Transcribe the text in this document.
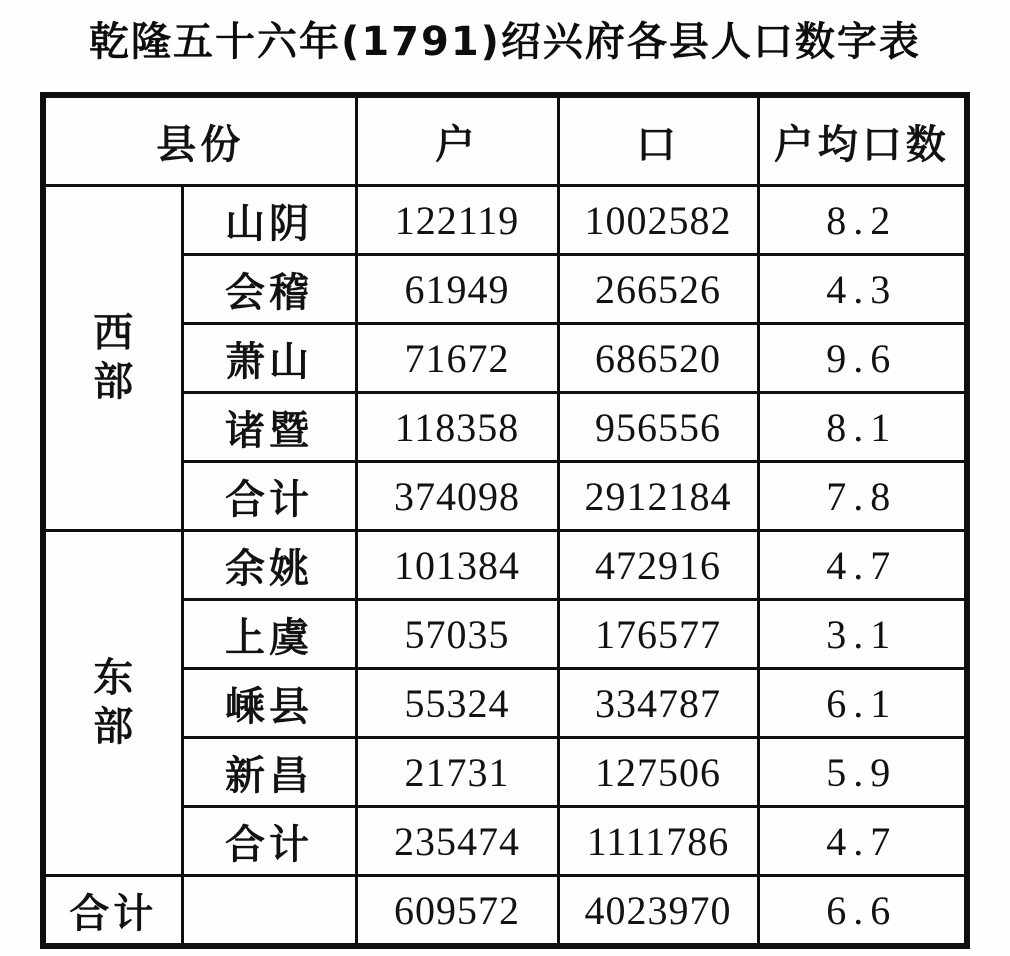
乾隆五十六年(1791)绍兴府各县人口数字表
县份		户	口	户均口数
西部	山阴	122119	1002582	8.2
	会稽	61949	266526	4.3
	萧山	71672	686520	9.6
	诸暨	118358	956556	8.1
	合计	374098	2912184	7.8
东部	余姚	101384	472916	4.7
	上虞	57035	176577	3.1
	嵊县	55324	334787	6.1
	新昌	21731	127506	5.9
	合计	235474	1111786	4.7
合计		609572	4023970	6.6
